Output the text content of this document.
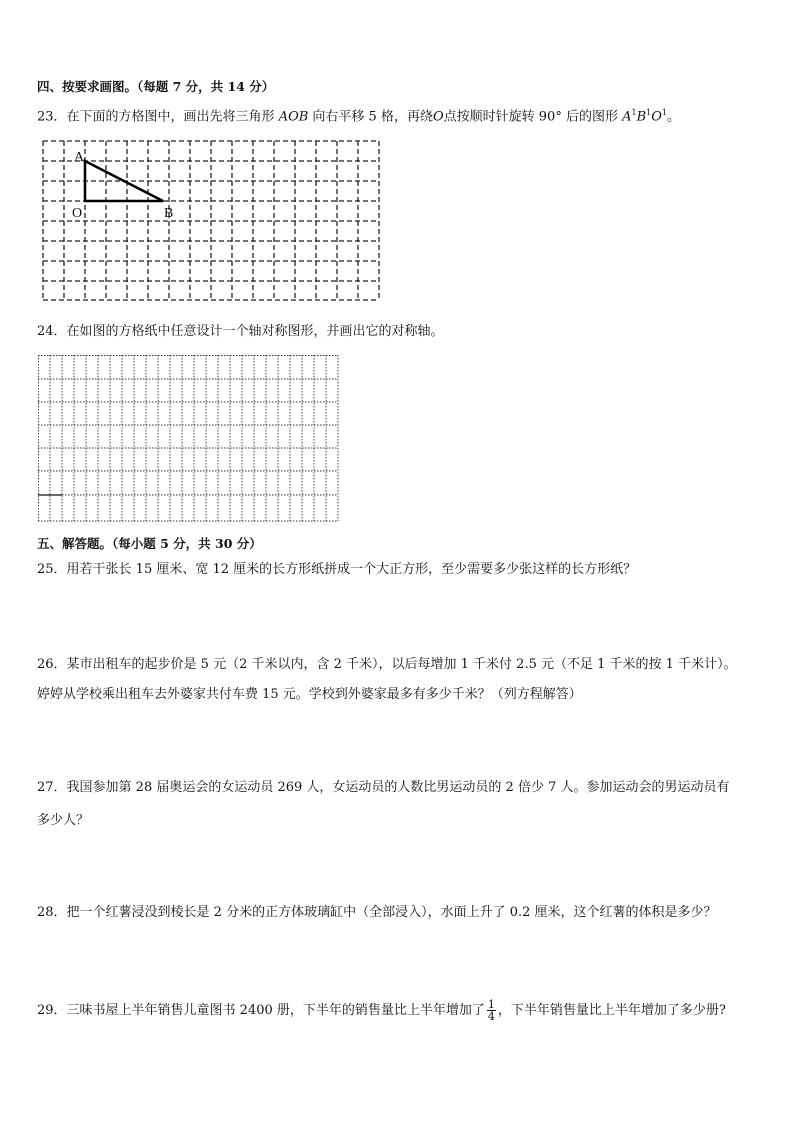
四、按要求画图。（每题 7 分，共 14 分）
23．在下面的方格图中，画出先将三角形 AOB 向右平移 5 格，再绕O点按顺时针旋转 90° 后的图形 $A^1B^1O^1$。
A
O	B
24．在如图的方格纸中任意设计一个轴对称图形，并画出它的对称轴。
五、解答题。（每小题 5 分，共 30 分）
25．用若干张长 15 厘米、宽 12 厘米的长方形纸拼成一个大正方形，至少需要多少张这样的长方形纸？
26．某市出租车的起步价是 5 元（2 千米以内，含 2 千米），以后每增加 1 千米付 2.5 元（不足 1 千米的按 1 千米计）。
婷婷从学校乘出租车去外婆家共付车费 15 元。学校到外婆家最多有多少千米？（列方程解答）
27．我国参加第 28 届奥运会的女运动员 269 人，女运动员的人数比男运动员的 2 倍少 7 人。参加运动会的男运动员有
多少人？
28．把一个红薯浸没到棱长是 2 分米的正方体玻璃缸中（全部浸入），水面上升了 0.2 厘米，这个红薯的体积是多少？
29．三味书屋上半年销售儿童图书 2400 册，下半年的销售量比上半年增加了 $\frac{1}{4}$ ，下半年销售量比上半年增加了多少册?
